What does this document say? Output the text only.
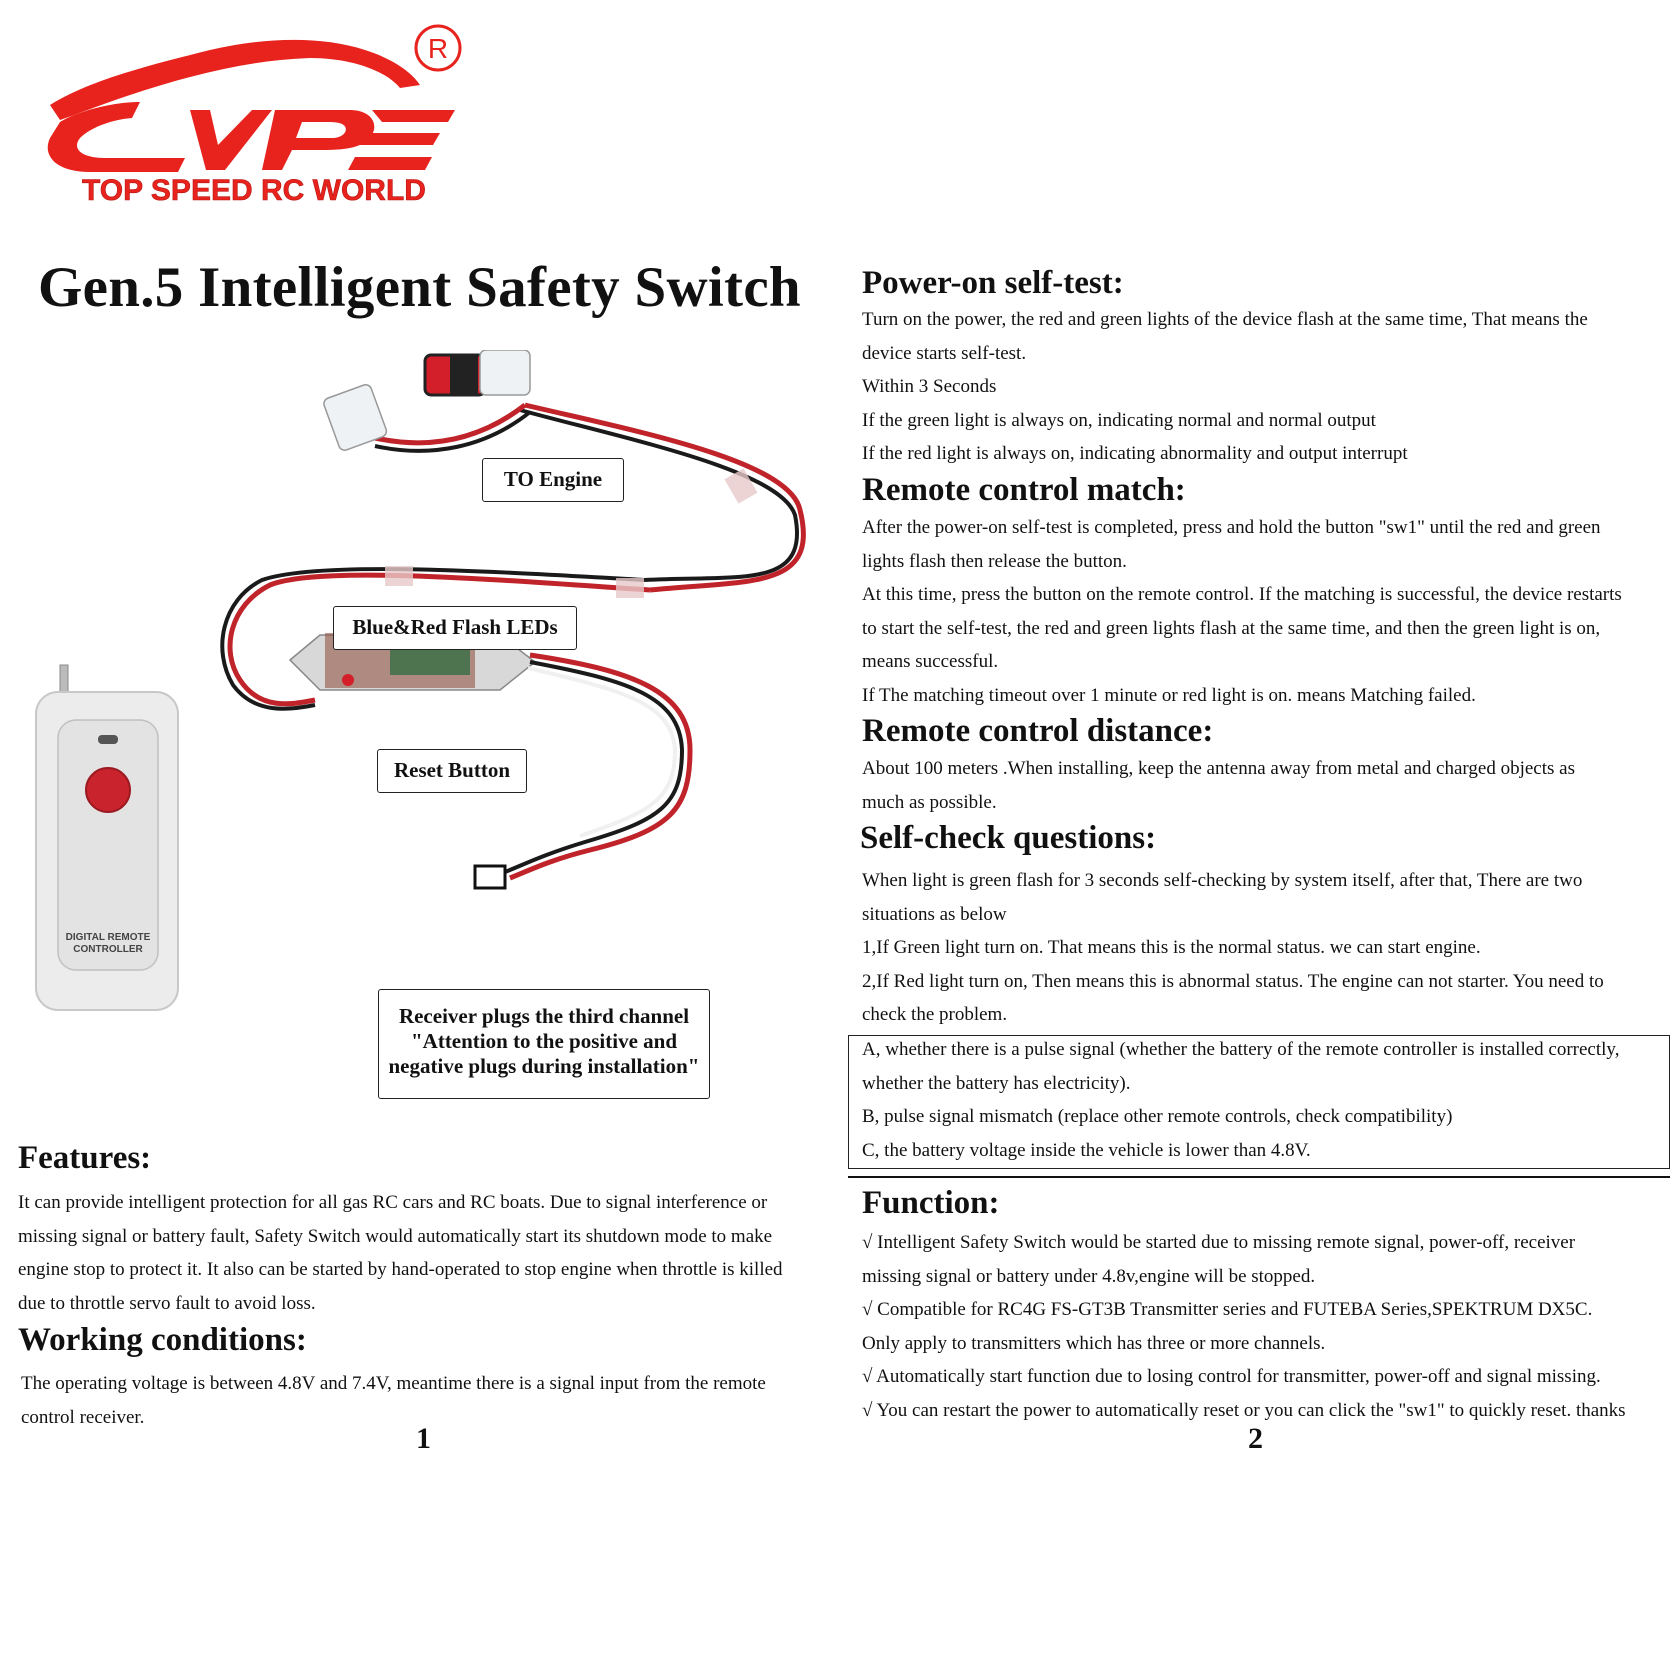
R
TOP SPEED RC WORLD
Gen.5 Intelligent Safety Switch
DIGITAL REMOTE
CONTROLLER
TO Engine
Blue&Red Flash LEDs
Reset Button
Receiver plugs the third channel
"Attention to the positive and
negative plugs during installation"
Features:
It can provide intelligent protection for all gas RC cars and RC boats. Due to signal interference or
missing signal or battery fault, Safety Switch would automatically start its shutdown mode to make
engine stop to protect it. It also can be started by hand-operated to stop engine when throttle is killed
due to throttle servo fault to avoid loss.
Working conditions:
The operating voltage is between 4.8V and 7.4V, meantime there is a signal input from the remote
control receiver.
1
Power-on self-test:
Turn on the power, the red and green lights of the device flash at the same time, That means the
device starts self-test.
Within 3 Seconds
If the green light is always on, indicating normal and normal output
If the red light is always on, indicating abnormality and output interrupt
Remote control match:
After the power-on self-test is completed, press and hold the button "sw1" until the red and green
lights flash then release the button.
At this time, press the button on the remote control. If the matching is successful, the device restarts
to start the self-test, the red and green lights flash at the same time, and then the green light is on,
means successful.
If The matching timeout over 1 minute or red light is on. means Matching failed.
Remote control distance:
About 100 meters .When installing, keep the antenna away from metal and charged objects as
much as possible.
Self-check questions:
When light is green flash for 3 seconds self-checking by system itself, after that, There are two
situations as below
1,If Green light turn on. That means this is the normal status. we can start engine.
2,If Red light turn on, Then means this is abnormal status. The engine can not starter. You need to
check the problem.
A, whether there is a pulse signal (whether the battery of the remote controller is installed correctly,
whether the battery has electricity).
B, pulse signal mismatch (replace other remote controls, check compatibility)
C, the battery voltage inside the vehicle is lower than 4.8V.
Function:
√ Intelligent Safety Switch would be started due to missing remote signal, power-off, receiver
missing signal or battery under 4.8v,engine will be stopped.
√ Compatible for RC4G FS-GT3B Transmitter series and FUTEBA Series,SPEKTRUM DX5C.
Only apply to transmitters which has three or more channels.
√ Automatically start function due to losing control for transmitter, power-off and signal missing.
√ You can restart the power to automatically reset or you can click the "sw1" to quickly reset. thanks
2
